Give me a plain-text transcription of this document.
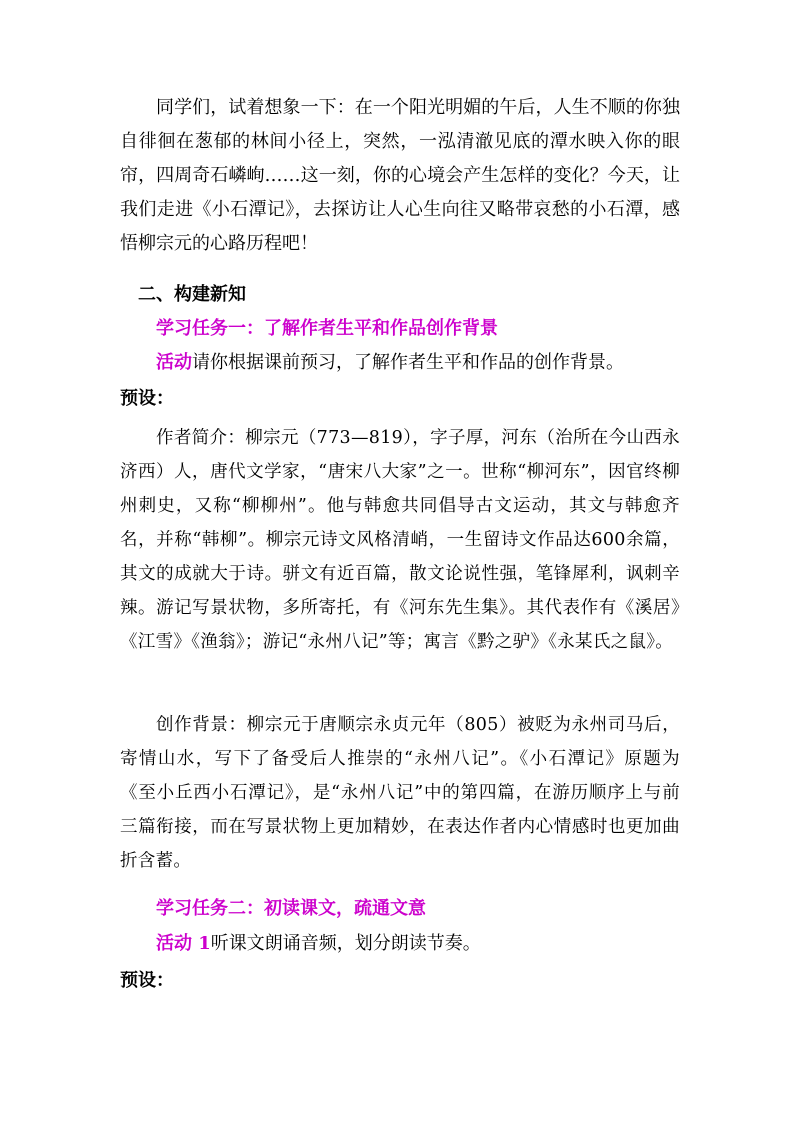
同学们，试着想象一下：在一个阳光明媚的午后，人生不顺的你独自徘徊在葱郁的林间小径上，突然，一泓清澈见底的潭水映入你的眼帘，四周奇石嶙峋……这一刻，你的心境会产生怎样的变化？今天，让我们走进《小石潭记》，去探访让人心生向往又略带哀愁的小石潭，感悟柳宗元的心路历程吧！

二、构建新知

学习任务一：了解作者生平和作品创作背景

活动请你根据课前预习，了解作者生平和作品的创作背景。

预设：

作者简介：柳宗元（773—819），字子厚，河东（治所在今山西永济西）人，唐代文学家，“唐宋八大家”之一。世称“柳河东”，因官终柳州刺史，又称“柳柳州”。他与韩愈共同倡导古文运动，其文与韩愈齐名，并称“韩柳”。柳宗元诗文风格清峭，一生留诗文作品达600余篇，其文的成就大于诗。骈文有近百篇，散文论说性强，笔锋犀利，讽刺辛辣。游记写景状物，多所寄托，有《河东先生集》。其代表作有《溪居》《江雪》《渔翁》；游记“永州八记”等；寓言《黔之驴》《永某氏之鼠》。

创作背景：柳宗元于唐顺宗永贞元年（805）被贬为永州司马后，寄情山水，写下了备受后人推崇的“永州八记”。《小石潭记》原题为《至小丘西小石潭记》，是“永州八记”中的第四篇，在游历顺序上与前三篇衔接，而在写景状物上更加精妙，在表达作者内心情感时也更加曲折含蓄。

学习任务二：初读课文，疏通文意

活动 1听课文朗诵音频，划分朗读节奏。

预设：
